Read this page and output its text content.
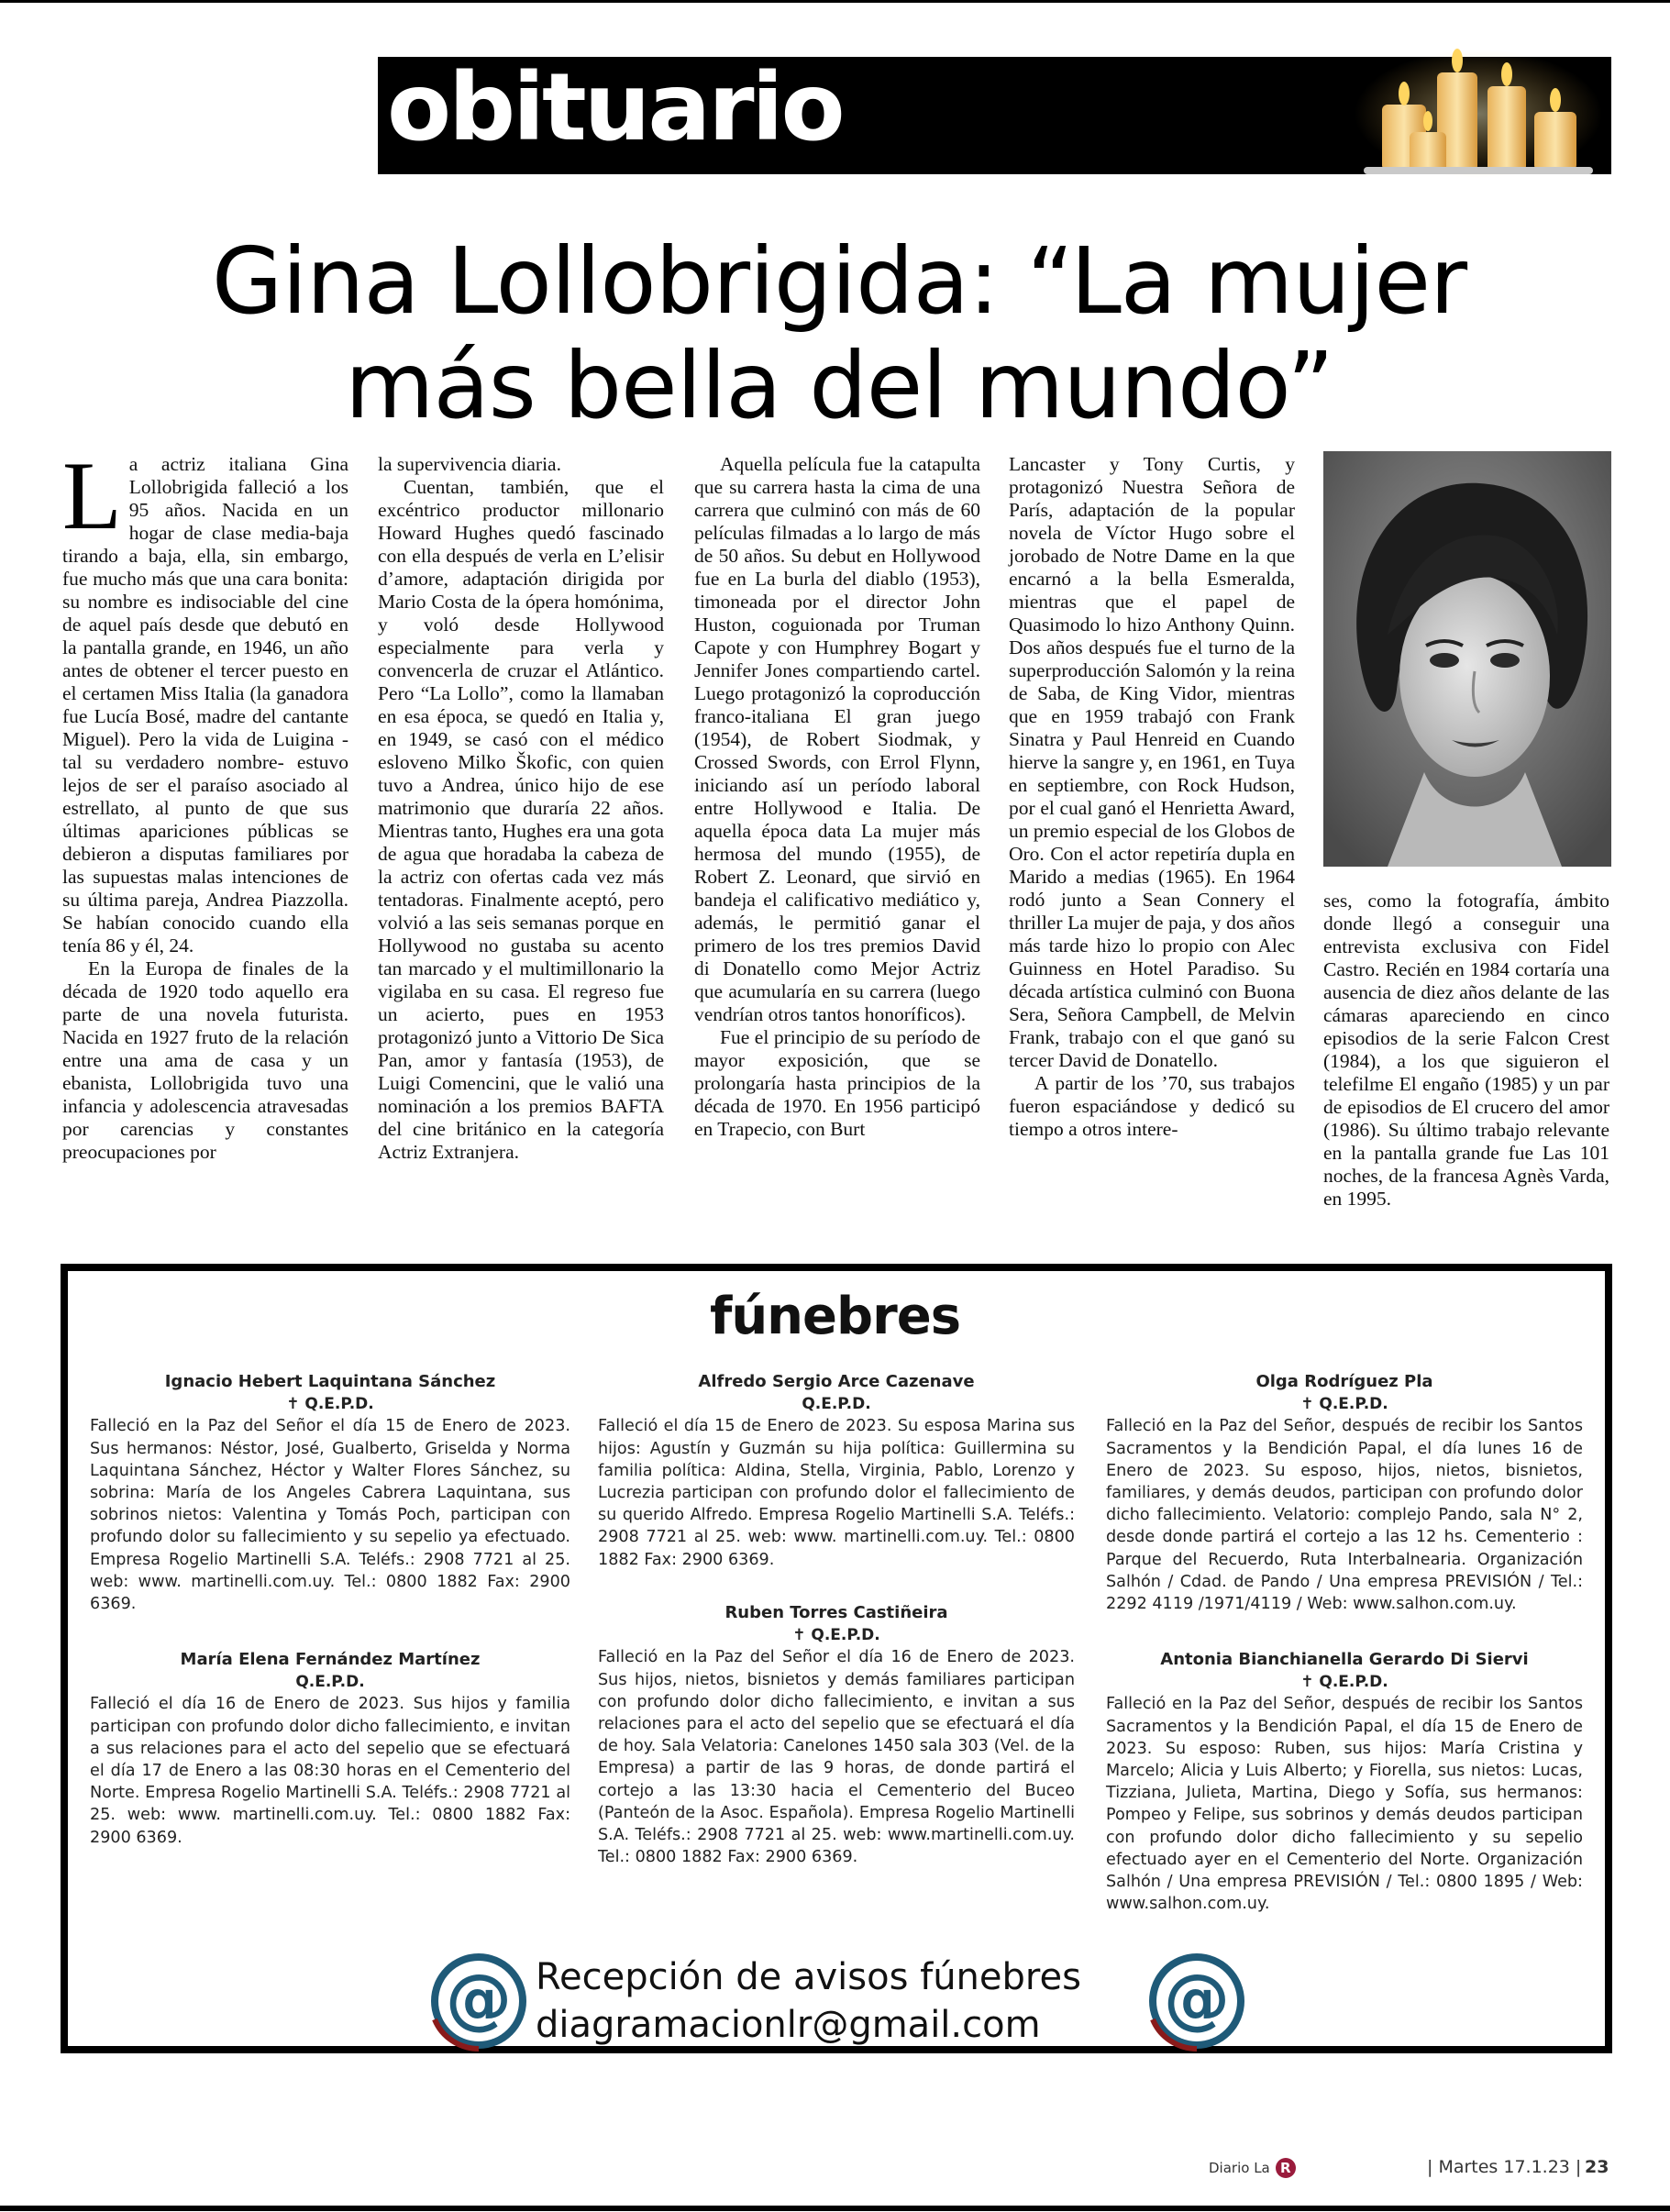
obituario
Gina Lollobrigida: “La mujer
más bella del mundo”

La actriz italiana Gina Lollobrigida falleció a los 95 años. Nacida en un hogar de clase media-baja tirando a baja, ella, sin embargo, fue mucho más que una cara bonita: su nombre es indisociable del cine de aquel país desde que debutó en la pantalla grande, en 1946, un año antes de obtener el tercer puesto en el certamen Miss Italia (la ganadora fue Lucía Bosé, madre del cantante Miguel). Pero la vida de Luigina -tal su verdadero nombre- estuvo lejos de ser el paraíso asociado al estrellato, al punto de que sus últimas apariciones públicas se debieron a disputas familiares por las supuestas malas intenciones de su última pareja, Andrea Piazzolla. Se habían conocido cuando ella tenía 86 y él, 24.

En la Europa de finales de la década de 1920 todo aquello era parte de una novela futurista. Nacida en 1927 fruto de la relación entre una ama de casa y un ebanista, Lollobrigida tuvo una infancia y adolescencia atravesadas por carencias y constantes preocupaciones por

la supervivencia diaria.

Cuentan, también, que el excéntrico productor millonario Howard Hughes quedó fascinado con ella después de verla en L’elisir d’amore, adaptación dirigida por Mario Costa de la ópera homónima, y voló desde Hollywood especialmente para verla y convencerla de cruzar el Atlántico. Pero “La Lollo”, como la llamaban en esa época, se quedó en Italia y, en 1949, se casó con el médico esloveno Milko Škofic, con quien tuvo a Andrea, único hijo de ese matrimonio que duraría 22 años. Mientras tanto, Hughes era una gota de agua que horadaba la cabeza de la actriz con ofertas cada vez más tentadoras. Finalmente aceptó, pero volvió a las seis semanas porque en Hollywood no gustaba su acento tan marcado y el multimillonario la vigilaba en su casa. El regreso fue un acierto, pues en 1953 protagonizó junto a Vittorio De Sica Pan, amor y fantasía (1953), de Luigi Comencini, que le valió una nominación a los premios BAFTA del cine británico en la categoría Actriz Extranjera.

Aquella película fue la catapulta que su carrera hasta la cima de una carrera que culminó con más de 60 películas filmadas a lo largo de más de 50 años. Su debut en Hollywood fue en La burla del diablo (1953), timoneada por el director John Huston, coguionada por Truman Capote y con Humphrey Bogart y Jennifer Jones compartiendo cartel. Luego protagonizó la coproducción franco-italiana El gran juego (1954), de Robert Siodmak, y Crossed Swords, con Errol Flynn, iniciando así un período laboral entre Hollywood e Italia. De aquella época data La mujer más hermosa del mundo (1955), de Robert Z. Leonard, que sirvió en bandeja el calificativo mediático y, además, le permitió ganar el primero de los tres premios David di Donatello como Mejor Actriz que acumularía en su carrera (luego vendrían otros tantos honoríficos).

Fue el principio de su período de mayor exposición, que se prolongaría hasta principios de la década de 1970. En 1956 participó en Trapecio, con Burt

Lancaster y Tony Curtis, y protagonizó Nuestra Señora de París, adaptación de la popular novela de Víctor Hugo sobre el jorobado de Notre Dame en la que encarnó a la bella Esmeralda, mientras que el papel de Quasimodo lo hizo Anthony Quinn. Dos años después fue el turno de la superproducción Salomón y la reina de Saba, de King Vidor, mientras que en 1959 trabajó con Frank Sinatra y Paul Henreid en Cuando hierve la sangre y, en 1961, en Tuya en septiembre, con Rock Hudson, por el cual ganó el Henrietta Award, un premio especial de los Globos de Oro. Con el actor repetiría dupla en Marido a medias (1965). En 1964 rodó junto a Sean Connery el thriller La mujer de paja, y dos años más tarde hizo lo propio con Alec Guinness en Hotel Paradiso. Su década artística culminó con Buona Sera, Señora Campbell, de Melvin Frank, trabajo con el que ganó su tercer David de Donatello.

A partir de los ’70, sus trabajos fueron espaciándose y dedicó su tiempo a otros intere-

ses, como la fotografía, ámbito donde llegó a conseguir una entrevista exclusiva con Fidel Castro. Recién en 1984 cortaría una ausencia de diez años delante de las cámaras apareciendo en cinco episodios de la serie Falcon Crest (1984), a los que siguieron el telefilme El engaño (1985) y un par de episodios de El crucero del amor (1986). Su último trabajo relevante en la pantalla grande fue Las 101 noches, de la francesa Agnès Varda, en 1995.

fúnebres
Ignacio Hebert Laquintana Sánchez
✝ Q.E.P.D.
Falleció en la Paz del Señor el día 15 de Enero de 2023. Sus hermanos: Néstor, José, Gualberto, Griselda y Norma Laquintana Sánchez, Héctor y Walter Flores Sánchez, su sobrina: María de los Angeles Cabrera Laquintana, sus sobrinos nietos: Valentina y Tomás Poch, participan con profundo dolor su fallecimiento y su sepelio ya efectuado. Empresa Rogelio Martinelli S.A. Teléfs.: 2908 7721 al 25. web: www. martinelli.com.uy. Tel.: 0800 1882 Fax: 2900 6369.
María Elena Fernández Martínez
Q.E.P.D.
Falleció el día 16 de Enero de 2023. Sus hijos y familia participan con profundo dolor dicho fallecimiento, e invitan a sus relaciones para el acto del sepelio que se efectuará el día 17 de Enero a las 08:30 horas en el Cementerio del Norte. Empresa Rogelio Martinelli S.A. Teléfs.: 2908 7721 al 25. web: www. martinelli.com.uy. Tel.: 0800 1882 Fax: 2900 6369.
Alfredo Sergio Arce Cazenave
Q.E.P.D.
Falleció el día 15 de Enero de 2023. Su esposa Marina sus hijos: Agustín y Guzmán su hija política: Guillermina su familia política: Aldina, Stella, Virginia, Pablo, Lorenzo y Lucrezia participan con profundo dolor el fallecimiento de su querido Alfredo. Empresa Rogelio Martinelli S.A. Teléfs.: 2908 7721 al 25. web: www. martinelli.com.uy. Tel.: 0800 1882 Fax: 2900 6369.
Ruben Torres Castiñeira
✝ Q.E.P.D.
Falleció en la Paz del Señor el día 16 de Enero de 2023. Sus hijos, nietos, bisnietos y demás familiares participan con profundo dolor dicho fallecimiento, e invitan a sus relaciones para el acto del sepelio que se efectuará el día de hoy. Sala Velatoria: Canelones 1450 sala 303 (Vel. de la Empresa) a partir de las 9 horas, de donde partirá el cortejo a las 13:30 hacia el Cementerio del Buceo (Panteón de la Asoc. Española). Empresa Rogelio Martinelli S.A. Teléfs.: 2908 7721 al 25. web: www.martinelli.com.uy. Tel.: 0800 1882 Fax: 2900 6369.
Olga Rodríguez Pla
✝ Q.E.P.D.
Falleció en la Paz del Señor, después de recibir los Santos Sacramentos y la Bendición Papal, el día lunes 16 de Enero de 2023. Su esposo, hijos, nietos, bisnietos, familiares, y demás deudos, participan con profundo dolor dicho fallecimiento. Velatorio: complejo Pando, sala N° 2, desde donde partirá el cortejo a las 12 hs. Cementerio : Parque del Recuerdo, Ruta Interbalnearia. Organización Salhón / Cdad. de Pando / Una empresa PREVISIÓN / Tel.: 2292 4119 /1971/4119 / Web: www.salhon.com.uy.
Antonia Bianchianella Gerardo Di Siervi
✝ Q.E.P.D.
Falleció en la Paz del Señor, después de recibir los Santos Sacramentos y la Bendición Papal, el día 15 de Enero de 2023. Su esposo: Ruben, sus hijos: María Cristina y Marcelo; Alicia y Luis Alberto; y Fiorella, sus nietos: Lucas, Tizziana, Julieta, Martina, Diego y Sofía, sus hermanos: Pompeo y Felipe, sus sobrinos y demás deudos participan con profundo dolor dicho fallecimiento y su sepelio efectuado ayer en el Cementerio del Norte. Organización Salhón / Una empresa PREVISIÓN / Tel.: 0800 1895 / Web: www.salhon.com.uy.
@ Recepción de avisos fúnebres
diagramacionlr@gmail.com	@
Diario La R	| Martes 17.1.23 | 23
